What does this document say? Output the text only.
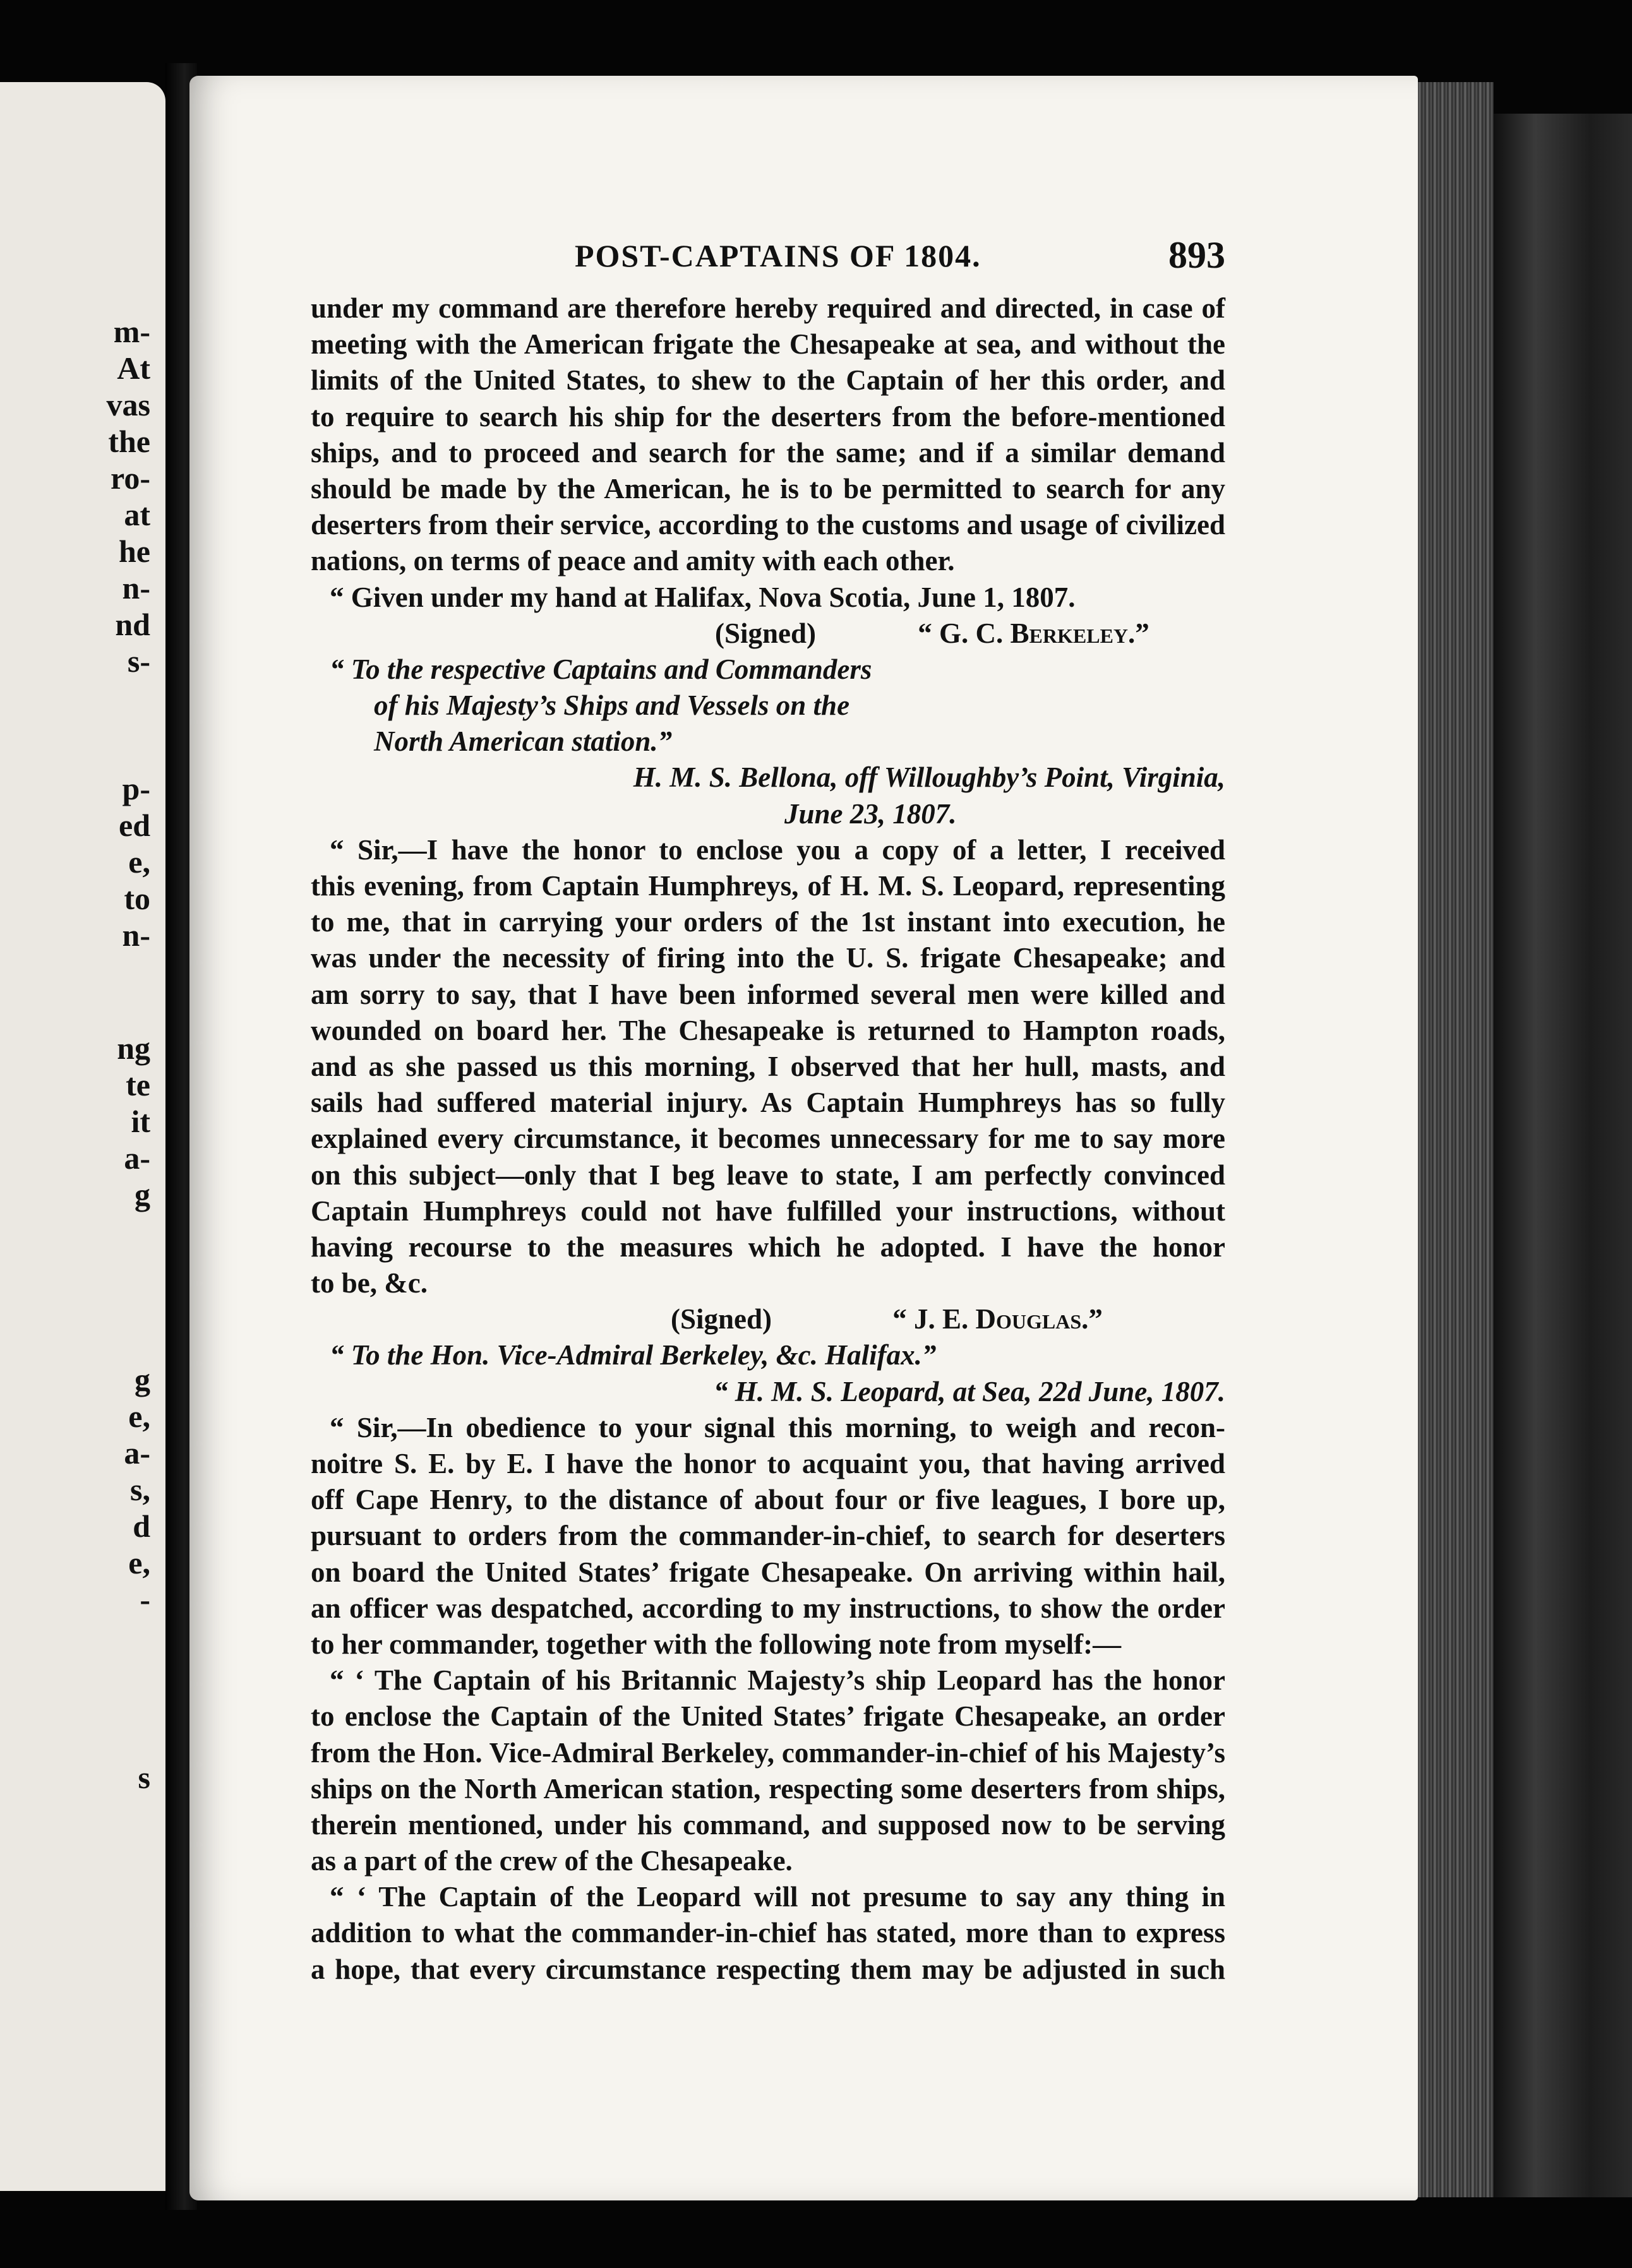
m-
At
vas
the
ro-
at
he
n-
nd
s-
p-
ed
e,
to
n-
ng
te
it
a-
g
g
e,
a-
s,
d
e,
-
s
POST-CAPTAINS OF 1804.	893
under my command are therefore hereby required and directed, in case of
meeting with the American frigate the Chesapeake at sea, and without the
limits of the United States, to shew to the Captain of her this order, and
to require to search his ship for the deserters from the before-mentioned
ships, and to proceed and search for the same; and if a similar demand
should be made by the American, he is to be permitted to search for any
deserters from their service, according to the customs and usage of civilized
nations, on terms of peace and amity with each other.
“ Given under my hand at Halifax, Nova Scotia, June 1, 1807.
(Signed)	“ G. C. Berkeley.”
“ To the respective Captains and Commanders
of his Majesty’s Ships and Vessels on the
North American station.”
H. M. S. Bellona, off Willoughby’s Point, Virginia,
June 23, 1807.
“ Sir,—I have the honor to enclose you a copy of a letter, I received
this evening, from Captain Humphreys, of H. M. S. Leopard, representing
to me, that in carrying your orders of the 1st instant into execution, he
was under the necessity of firing into the U. S. frigate Chesapeake; and
am sorry to say, that I have been informed several men were killed and
wounded on board her. The Chesapeake is returned to Hampton roads,
and as she passed us this morning, I observed that her hull, masts, and
sails had suffered material injury. As Captain Humphreys has so fully
explained every circumstance, it becomes unnecessary for me to say more
on this subject—only that I beg leave to state, I am perfectly convinced
Captain Humphreys could not have fulfilled your instructions, without
having recourse to the measures which he adopted. I have the honor
to be, &c.
(Signed)	“ J. E. Douglas.”
“ To the Hon. Vice-Admiral Berkeley, &c. Halifax.”
“ H. M. S. Leopard, at Sea, 22d June, 1807.
“ Sir,—In obedience to your signal this morning, to weigh and recon-
noitre S. E. by E. I have the honor to acquaint you, that having arrived
off Cape Henry, to the distance of about four or five leagues, I bore up,
pursuant to orders from the commander-in-chief, to search for deserters
on board the United States’ frigate Chesapeake. On arriving within hail,
an officer was despatched, according to my instructions, to show the order
to her commander, together with the following note from myself:—
“ ‘ The Captain of his Britannic Majesty’s ship Leopard has the honor
to enclose the Captain of the United States’ frigate Chesapeake, an order
from the Hon. Vice-Admiral Berkeley, commander-in-chief of his Majesty’s
ships on the North American station, respecting some deserters from ships,
therein mentioned, under his command, and supposed now to be serving
as a part of the crew of the Chesapeake.
“ ‘ The Captain of the Leopard will not presume to say any thing in
addition to what the commander-in-chief has stated, more than to express
a hope, that every circumstance respecting them may be adjusted in such
